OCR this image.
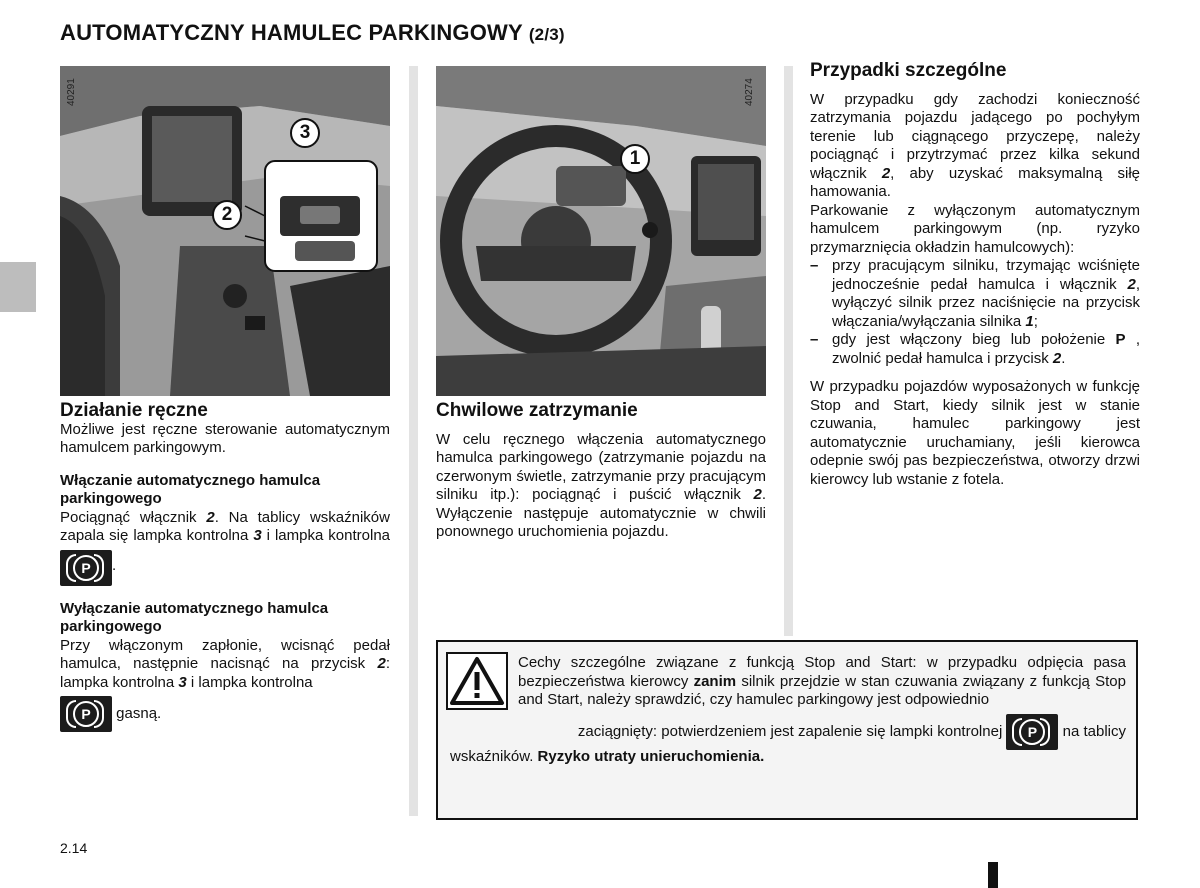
AUTOMATYCZNY HAMULEC PARKINGOWY (2/3)
40291
3
2
40274
1
Działanie ręczne

Możliwe jest ręczne sterowanie automatycznym hamulcem parkingowym.

Włączanie automatycznego hamulca parkingowego

Pociągnąć włącznik 2. Na tablicy wskaźników zapala się lampka kontrolna 3 i lampka kontrolna
P	.

Wyłączanie automatycznego hamulca parkingowego

Przy włączonym zapłonie, wcisnąć pedał hamulca, następnie nacisnąć na przycisk 2: lampka kontrolna 3 i lampka kontrolna

P	gasną.

Chwilowe zatrzymanie

W celu ręcznego włączenia automatycznego hamulca parkingowego (zatrzymanie pojazdu na czerwonym świetle, zatrzymanie przy pracującym silniku itp.): pociągnąć i puścić włącznik 2. Wyłączenie następuje automatycznie w chwili ponownego uruchomienia pojazdu.

Przypadki szczególne

W przypadku gdy zachodzi konieczność zatrzymania pojazdu jadącego po pochyłym terenie lub ciągnącego przyczepę, należy pociągnąć i przytrzymać przez kilka sekund włącznik 2, aby uzyskać maksymalną siłę hamowania.

Parkowanie z wyłączonym automatycznym hamulcem parkingowym (np. ryzyko przymarznięcia okładzin hamulcowych):

– przy pracującym silniku, trzymając wciśnięte jednocześnie pedał hamulca i włącznik 2, wyłączyć silnik przez naciśnięcie na przycisk włączania/wyłączania silnika 1;
– gdy jest włączony bieg lub położenie P , zwolnić pedał hamulca i przycisk 2.

W przypadku pojazdów wyposażonych w funkcję Stop and Start, kiedy silnik jest w stanie czuwania, hamulec parkingowy jest automatycznie uruchamiany, jeśli kierowca odepnie swój pas bezpieczeństwa, otworzy drzwi kierowcy lub wstanie z fotela.

Cechy szczególne związane z funkcją Stop and Start: w przypadku odpięcia pasa bezpieczeństwa kierowcy zanim silnik przejdzie w stan czuwania związany z funkcją Stop and Start, należy sprawdzić, czy hamulec parkingowy jest odpowiednio
zaciągnięty: potwierdzeniem jest zapalenie się lampki kontrolnej	P	na tablicy
wskaźników. Ryzyko utraty unieruchomienia.
2.14
